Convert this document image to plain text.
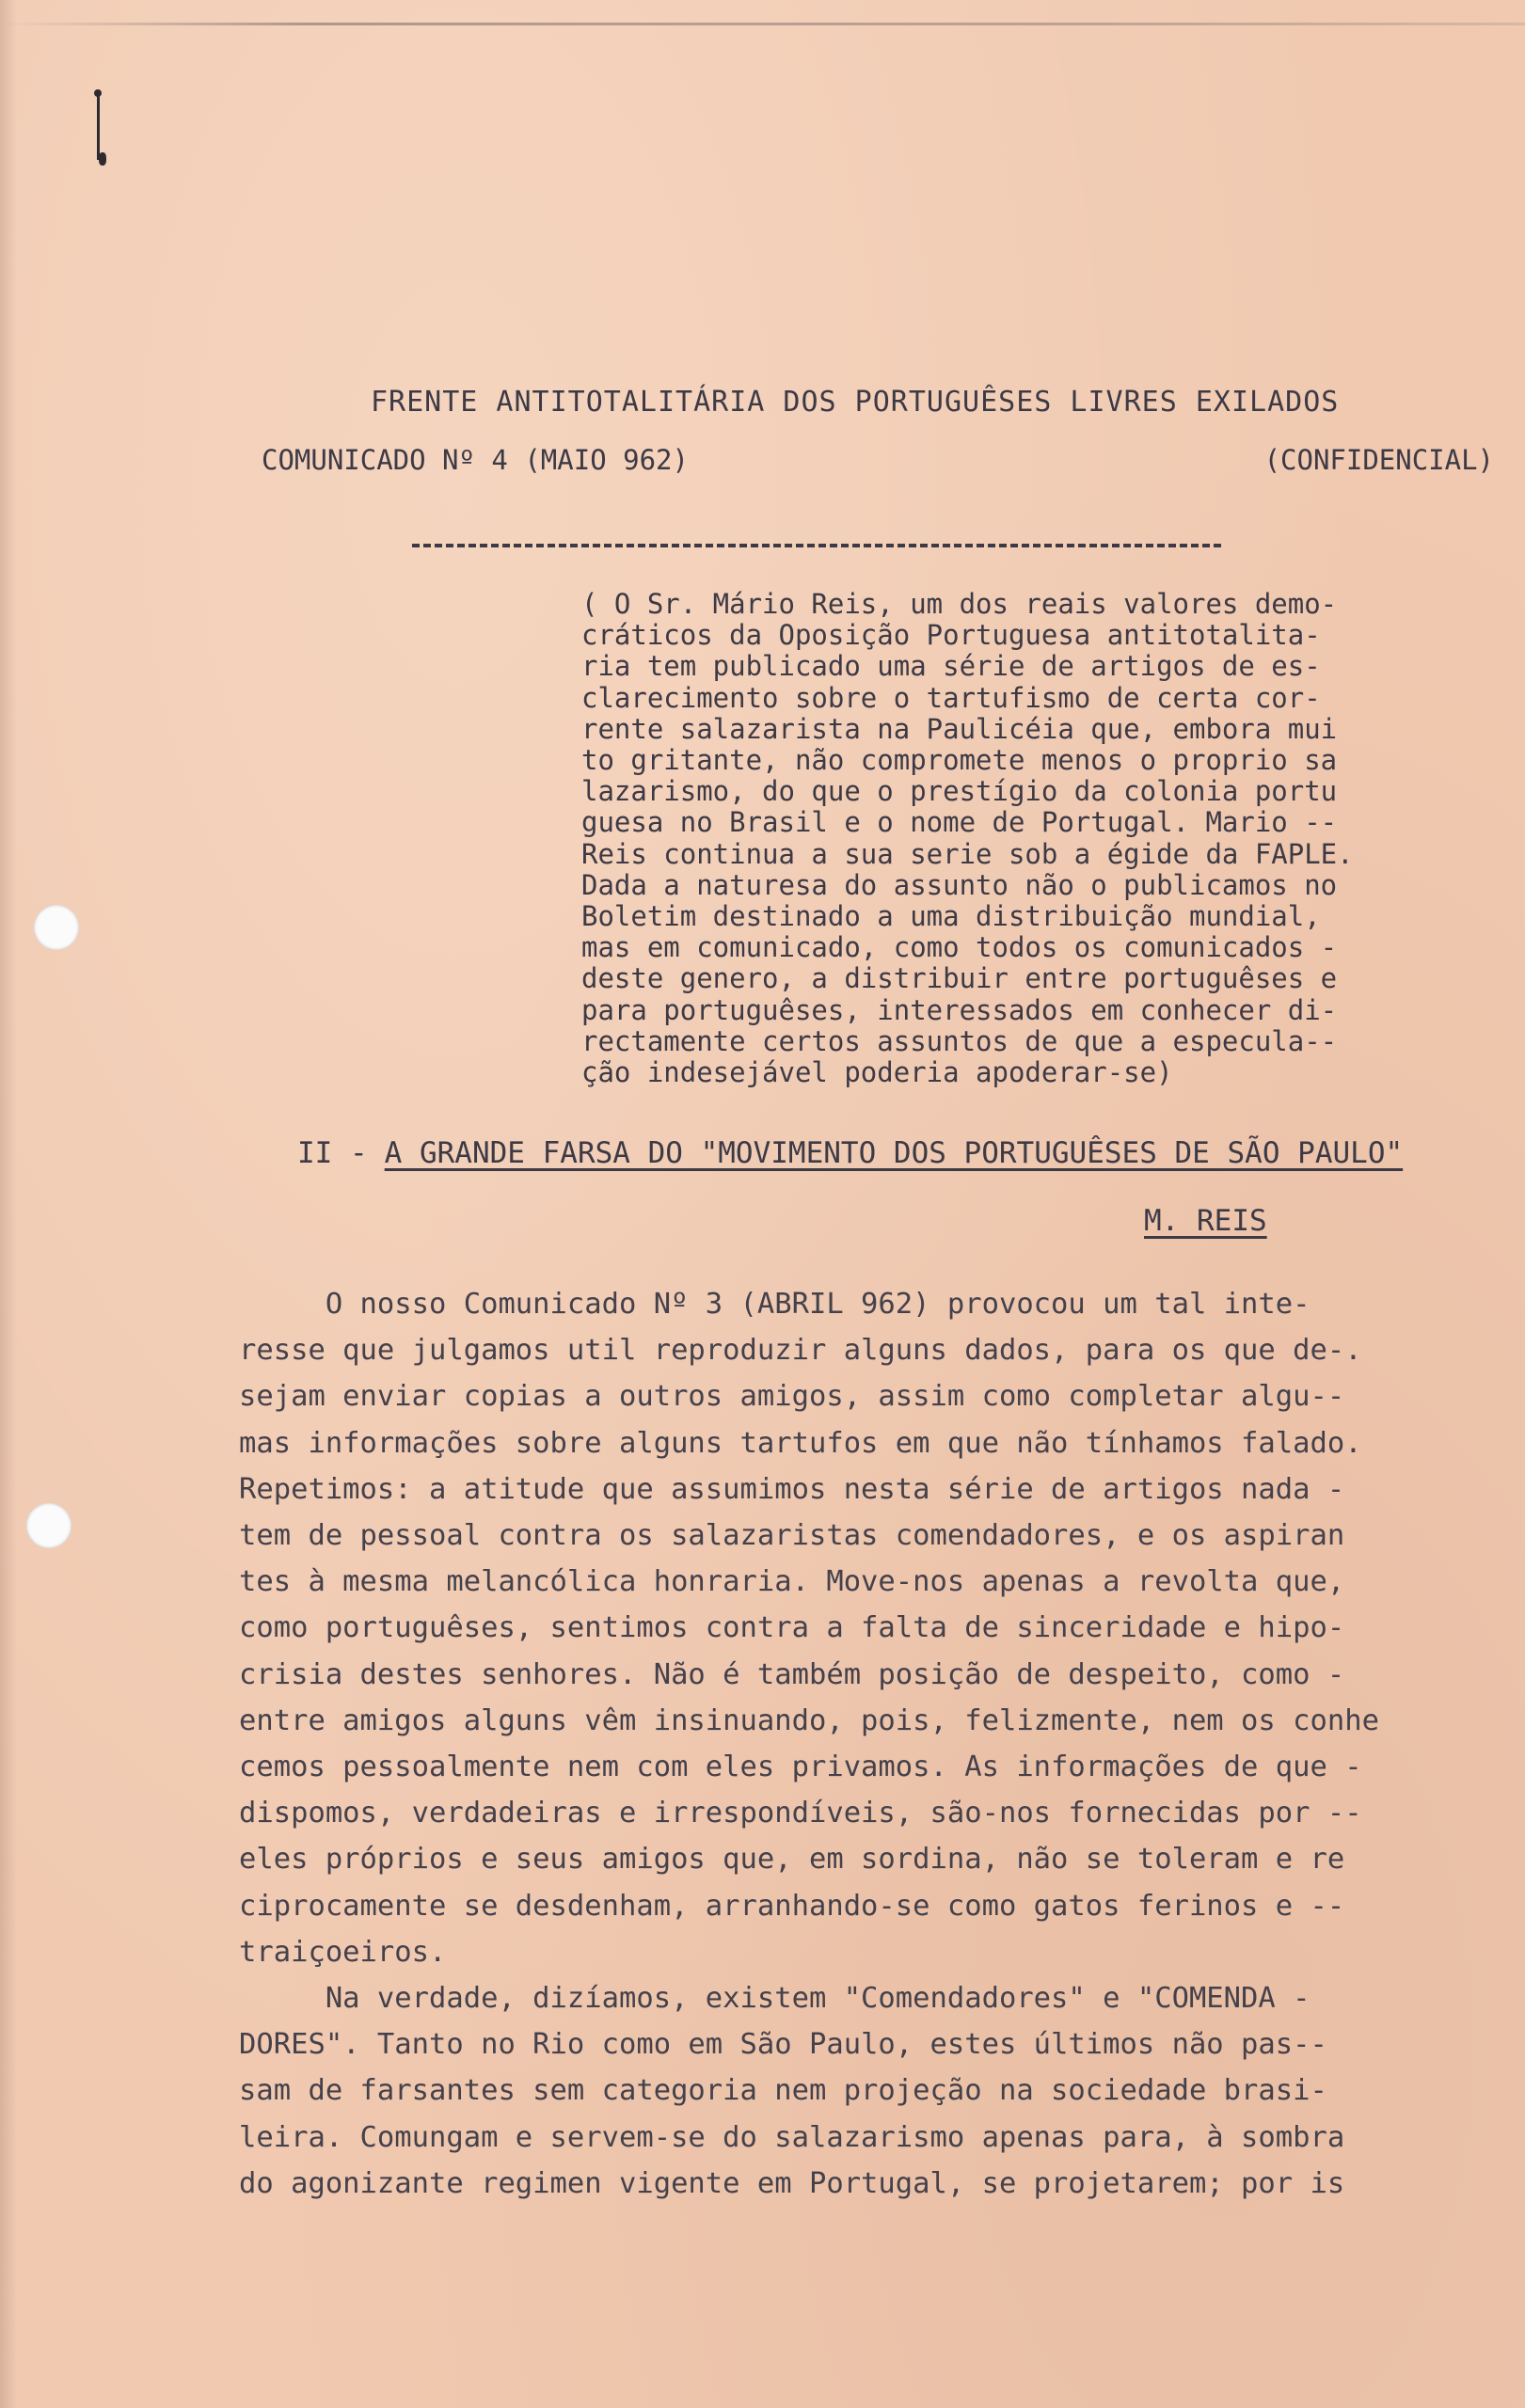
FRENTE ANTITOTALITÁRIA DOS PORTUGUÊSES LIVRES EXILADOS
COMUNICADO Nº 4 (MAIO 962)	(CONFIDENCIAL)
( O Sr. Mário Reis, um dos reais valores demo-
cráticos da Oposição Portuguesa antitotalita-
ria tem publicado uma série de artigos de es-
clarecimento sobre o tartufismo de certa cor-
rente salazarista na Paulicéia que, embora mui
to gritante, não compromete menos o proprio sa
lazarismo, do que o prestígio da colonia portu
guesa no Brasil e o nome de Portugal. Mario --
Reis continua a sua serie sob a égide da FAPLE.
Dada a naturesa do assunto não o publicamos no
Boletim destinado a uma distribuição mundial,
mas em comunicado, como todos os comunicados -
deste genero, a distribuir entre portuguêses e
para portuguêses, interessados em conhecer di-
rectamente certos assuntos de que a especula--
ção indesejável poderia apoderar-se)
II - A GRANDE FARSA DO "MOVIMENTO DOS PORTUGUÊSES DE SÃO PAULO"
M. REIS
O nosso Comunicado Nº 3 (ABRIL 962) provocou um tal inte-
resse que julgamos util reproduzir alguns dados, para os que de-.
sejam enviar copias a outros amigos, assim como completar algu--
mas informações sobre alguns tartufos em que não tínhamos falado.
Repetimos: a atitude que assumimos nesta série de artigos nada -
tem de pessoal contra os salazaristas comendadores, e os aspiran
tes à mesma melancólica honraria. Move-nos apenas a revolta que,
como portuguêses, sentimos contra a falta de sinceridade e hipo-
crisia destes senhores. Não é também posição de despeito, como -
entre amigos alguns vêm insinuando, pois, felizmente, nem os conhe
cemos pessoalmente nem com eles privamos. As informações de que -
dispomos, verdadeiras e irrespondíveis, são-nos fornecidas por --
eles próprios e seus amigos que, em sordina, não se toleram e re
ciprocamente se desdenham, arranhando-se como gatos ferinos e --
traiçoeiros.
Na verdade, dizíamos, existem "Comendadores" e "COMENDA -
DORES". Tanto no Rio como em São Paulo, estes últimos não pas--
sam de farsantes sem categoria nem projeção na sociedade brasi-
leira. Comungam e servem-se do salazarismo apenas para, à sombra
do agonizante regimen vigente em Portugal, se projetarem; por is
